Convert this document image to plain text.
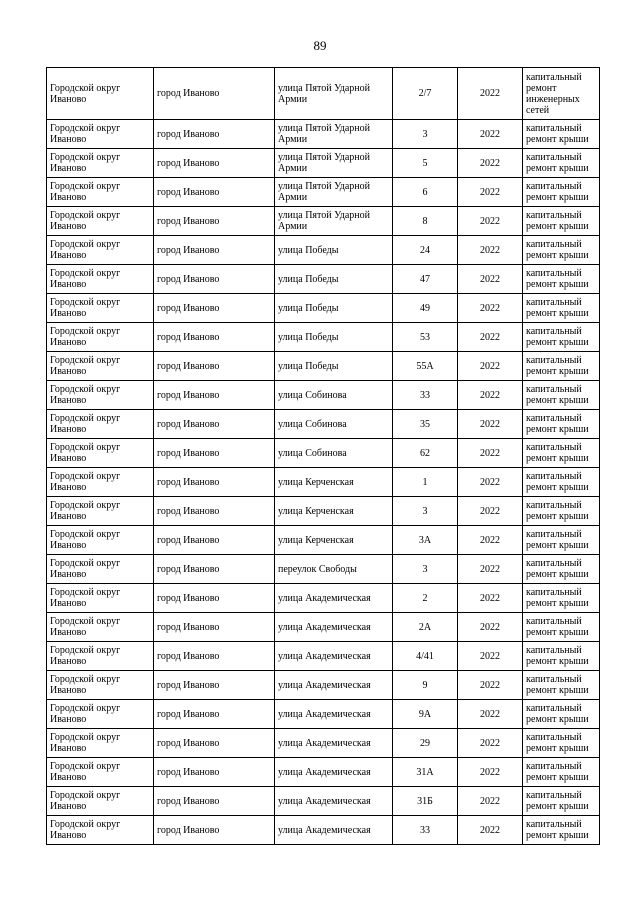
89
Городской округ Иваново	город Иваново	улица Пятой Ударной Армии	2/7	2022	капитальный ремонт инженерных сетей
Городской округ Иваново	город Иваново	улица Пятой Ударной Армии	3	2022	капитальный ремонт крыши
Городской округ Иваново	город Иваново	улица Пятой Ударной Армии	5	2022	капитальный ремонт крыши
Городской округ Иваново	город Иваново	улица Пятой Ударной Армии	6	2022	капитальный ремонт крыши
Городской округ Иваново	город Иваново	улица Пятой Ударной Армии	8	2022	капитальный ремонт крыши
Городской округ Иваново	город Иваново	улица Победы	24	2022	капитальный ремонт крыши
Городской округ Иваново	город Иваново	улица Победы	47	2022	капитальный ремонт крыши
Городской округ Иваново	город Иваново	улица Победы	49	2022	капитальный ремонт крыши
Городской округ Иваново	город Иваново	улица Победы	53	2022	капитальный ремонт крыши
Городской округ Иваново	город Иваново	улица Победы	55А	2022	капитальный ремонт крыши
Городской округ Иваново	город Иваново	улица Собинова	33	2022	капитальный ремонт крыши
Городской округ Иваново	город Иваново	улица Собинова	35	2022	капитальный ремонт крыши
Городской округ Иваново	город Иваново	улица Собинова	62	2022	капитальный ремонт крыши
Городской округ Иваново	город Иваново	улица Керченская	1	2022	капитальный ремонт крыши
Городской округ Иваново	город Иваново	улица Керченская	3	2022	капитальный ремонт крыши
Городской округ Иваново	город Иваново	улица Керченская	3А	2022	капитальный ремонт крыши
Городской округ Иваново	город Иваново	переулок Свободы	3	2022	капитальный ремонт крыши
Городской округ Иваново	город Иваново	улица Академическая	2	2022	капитальный ремонт крыши
Городской округ Иваново	город Иваново	улица Академическая	2А	2022	капитальный ремонт крыши
Городской округ Иваново	город Иваново	улица Академическая	4/41	2022	капитальный ремонт крыши
Городской округ Иваново	город Иваново	улица Академическая	9	2022	капитальный ремонт крыши
Городской округ Иваново	город Иваново	улица Академическая	9А	2022	капитальный ремонт крыши
Городской округ Иваново	город Иваново	улица Академическая	29	2022	капитальный ремонт крыши
Городской округ Иваново	город Иваново	улица Академическая	31А	2022	капитальный ремонт крыши
Городской округ Иваново	город Иваново	улица Академическая	31Б	2022	капитальный ремонт крыши
Городской округ Иваново	город Иваново	улица Академическая	33	2022	капитальный ремонт крыши
